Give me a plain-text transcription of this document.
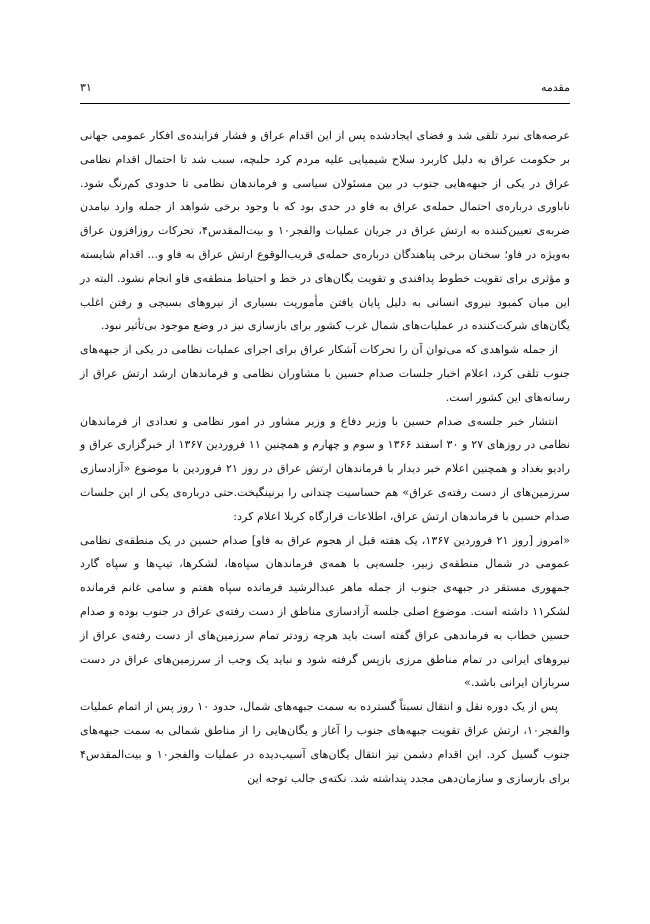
مقدمه
۳۱

عرصه‌های نبرد تلقی شد و فضای ایجادشده پس از این اقدام عراق و فشار فزاینده‌ی افکار عمومی جهانی بر حکومت عراق به دلیل کاربرد سلاح شیمیایی علیه مردم کرد حلبچه، سبب شد تا احتمال اقدام نظامی عراق در یکی از جبهه‌هایی جنوب در بین مسئولان سیاسی و فرماندهان نظامی تا حدودی کم‌رنگ شود. ناباوری درباره‌ی احتمال حمله‌ی عراق به فاو در حدی بود که با وجود برخی شواهد از جمله وارد نیامدن ضربه‌ی تعیین‌کننده به ارتش عراق در جریان عملیات والفجر۱۰ و بیت‌المقدس۴، تحرکات روزافزون عراق به‌ویژه در فاو؛ سخنان برخی پناهندگان درباره‌ی حمله‌ی قریب‌الوقوع ارتش عراق به فاو و... اقدام شایسته و مؤثری برای تقویت خطوط پدافندی و تقویت یگان‌های در خط و احتیاط منطقه‌ی فاو انجام نشود. البته در این میان کمبود نیروی انسانی به دلیل پایان یافتن مأموریت بسیاری از نیروهای بسیجی و رفتن اغلب یگان‌های شرکت‌کننده در عملیات‌های شمال غرب کشور برای بازسازی نیز در وضع موجود بی‌تأثیر نبود.

از جمله شواهدی که می‌توان آن را تحرکات آشکار عراق برای اجرای عملیات نظامی در یکی از جبهه‌های جنوب تلقی کرد، اعلام اخبار جلسات صدام حسین با مشاوران نظامی و فرماندهان ارشد ارتش عراق از رسانه‌های این کشور است.

انتشار خبر جلسه‌ی صدام حسین با وزیر دفاع و وزیر مشاور در امور نظامی و تعدادی از فرماندهان نظامی در روزهای ۲۷ و ۳۰ اسفند ۱۳۶۶ و سوم و چهارم و همچنین ۱۱ فروردین ۱۳۶۷ از خبرگزاری عراق و رادیو بغداد و همچنین اعلام خبر دیدار با فرماندهان ارتش عراق در روز ۲۱ فروردین با موضوع «آزادسازی سرزمین‌های از دست رفته‌ی عراق» هم حساسیت چندانی را برنینگیخت.حتی درباره‌ی یکی از این جلسات صدام حسین با فرماندهان ارتش عراق، اطلاعات قرارگاه کربلا اعلام کرد:

«امروز [روز ۲۱ فروردین ۱۳۶۷، یک هفته قبل از هجوم عراق به فاو] صدام حسین در یک منطقه‌ی نظامی عمومی در شمال منطقه‌ی زبیر، جلسه‌یی با همه‌ی فرماندهان سپاه‌ها، لشکرها، تیپ‌ها و سپاه گارد جمهوری مستقر در جبهه‌ی جنوب از جمله ماهر عبدالرشید فرمانده سپاه هفتم و سامی غانم فرمانده لشکر۱۱ داشته است. موضوع اصلی جلسه آزادسازی مناطق از دست رفته‌ی عراق در جنوب بوده و صدام حسین خطاب به فرماندهی عراق گفته است باید هرچه زودتر تمام سرزمین‌های از دست رفته‌ی عراق از نیروهای ایرانی در تمام مناطق مرزی بازپس گرفته شود و نباید یک وجب از سرزمین‌های عراق در دست سربازان ایرانی باشد.»

پس از یک دوره نقل و انتقال نسبتاً گسترده به سمت جبهه‌های شمال، حدود ۱۰ روز پس از اتمام عملیات والفجر۱۰، ارتش عراق تقویت جبهه‌های جنوب را آغاز و یگان‌هایی را از مناطق شمالی به سمت جبهه‌های جنوب گسیل کرد. این اقدام دشمن نیز انتقال یگان‌های آسیب‌دیده در عملیات والفجر۱۰ و بیت‌المقدس۴ برای بازسازی و سازمان‌دهی مجدد پنداشته شد. نکته‌ی جالب توجه این
